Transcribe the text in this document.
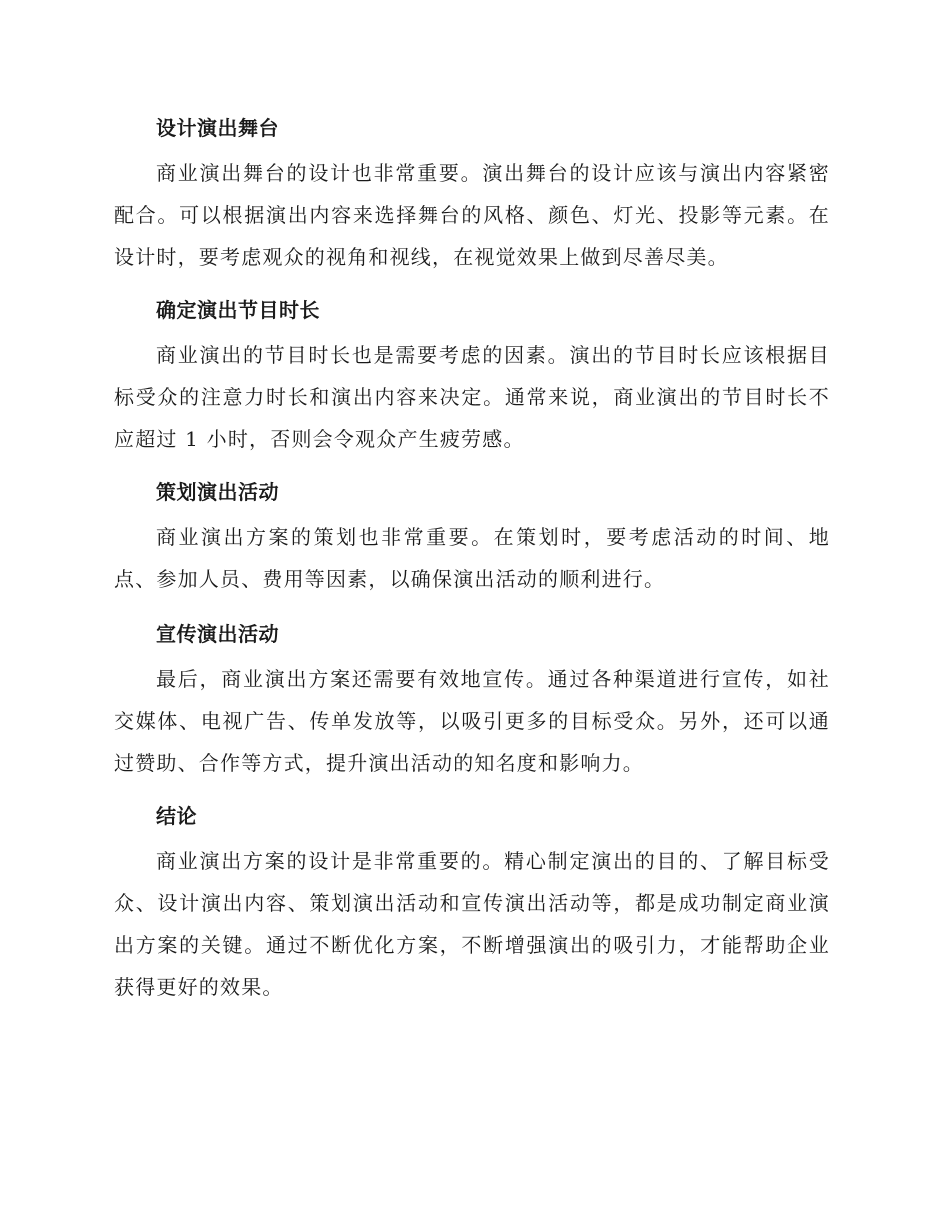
设计演出舞台

商业演出舞台的设计也非常重要。演出舞台的设计应该与演出内容紧密配合。可以根据演出内容来选择舞台的风格、颜色、灯光、投影等元素。在设计时，要考虑观众的视角和视线，在视觉效果上做到尽善尽美。

确定演出节目时长

商业演出的节目时长也是需要考虑的因素。演出的节目时长应该根据目标受众的注意力时长和演出内容来决定。通常来说，商业演出的节目时长不应超过 1 小时，否则会令观众产生疲劳感。

策划演出活动

商业演出方案的策划也非常重要。在策划时，要考虑活动的时间、地点、参加人员、费用等因素，以确保演出活动的顺利进行。

宣传演出活动

最后，商业演出方案还需要有效地宣传。通过各种渠道进行宣传，如社交媒体、电视广告、传单发放等，以吸引更多的目标受众。另外，还可以通过赞助、合作等方式，提升演出活动的知名度和影响力。

结论

商业演出方案的设计是非常重要的。精心制定演出的目的、了解目标受众、设计演出内容、策划演出活动和宣传演出活动等，都是成功制定商业演出方案的关键。通过不断优化方案，不断增强演出的吸引力，才能帮助企业获得更好的效果。
